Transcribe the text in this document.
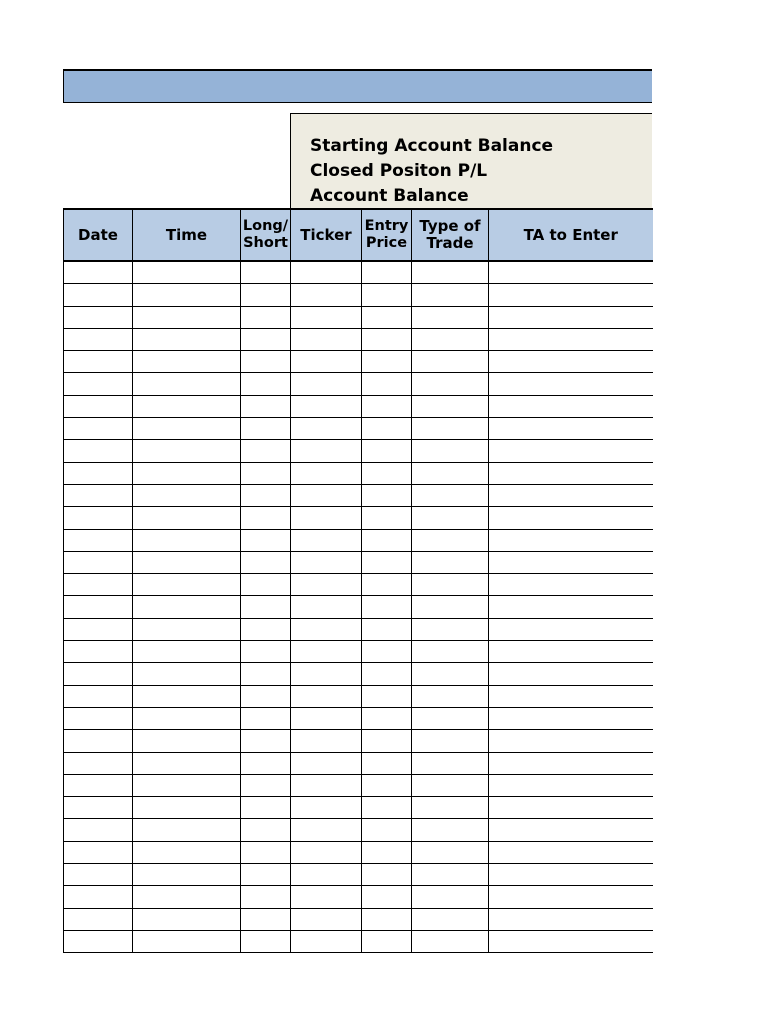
Starting Account Balance
Closed Positon P/L
Account Balance
Date	Time	Long/ Short	Ticker	Entry Price	Type of Trade	TA to Enter
